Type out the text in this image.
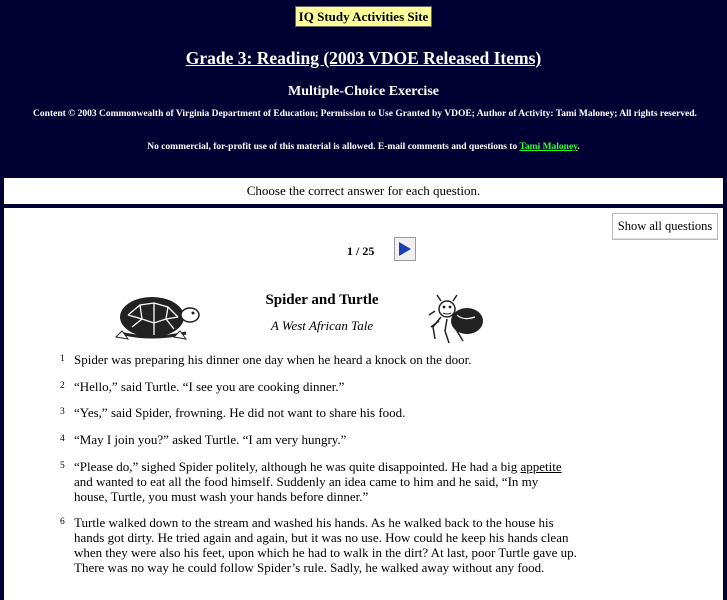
IQ Study Activities Site
Grade 3: Reading (2003 VDOE Released Items)
Multiple-Choice Exercise
Content © 2003 Commonwealth of Virginia Department of Education; Permission to Use Granted by VDOE; Author of Activity: Tami Maloney; All rights reserved.
No commercial, for-profit use of this material is allowed. E-mail comments and questions to Tami Maloney.
Choose the correct answer for each question.
Show all questions
1 / 25
Spider and Turtle
A West African Tale
1 Spider was preparing his dinner one day when he heard a knock on the door.
2 “Hello,” said Turtle. “I see you are cooking dinner.”
3 “Yes,” said Spider, frowning. He did not want to share his food.
4 “May I join you?” asked Turtle. “I am very hungry.”
5 “Please do,” sighed Spider politely, although he was quite disappointed. He had a big appetite and wanted to eat all the food himself. Suddenly an idea came to him and he said, “In my house, Turtle, you must wash your hands before dinner.”
6 Turtle walked down to the stream and washed his hands. As he walked back to the house his hands got dirty. He tried again and again, but it was no use. How could he keep his hands clean when they were also his feet, upon which he had to walk in the dirt? At last, poor Turtle gave up. There was no way he could follow Spider’s rule. Sadly, he walked away without any food.
